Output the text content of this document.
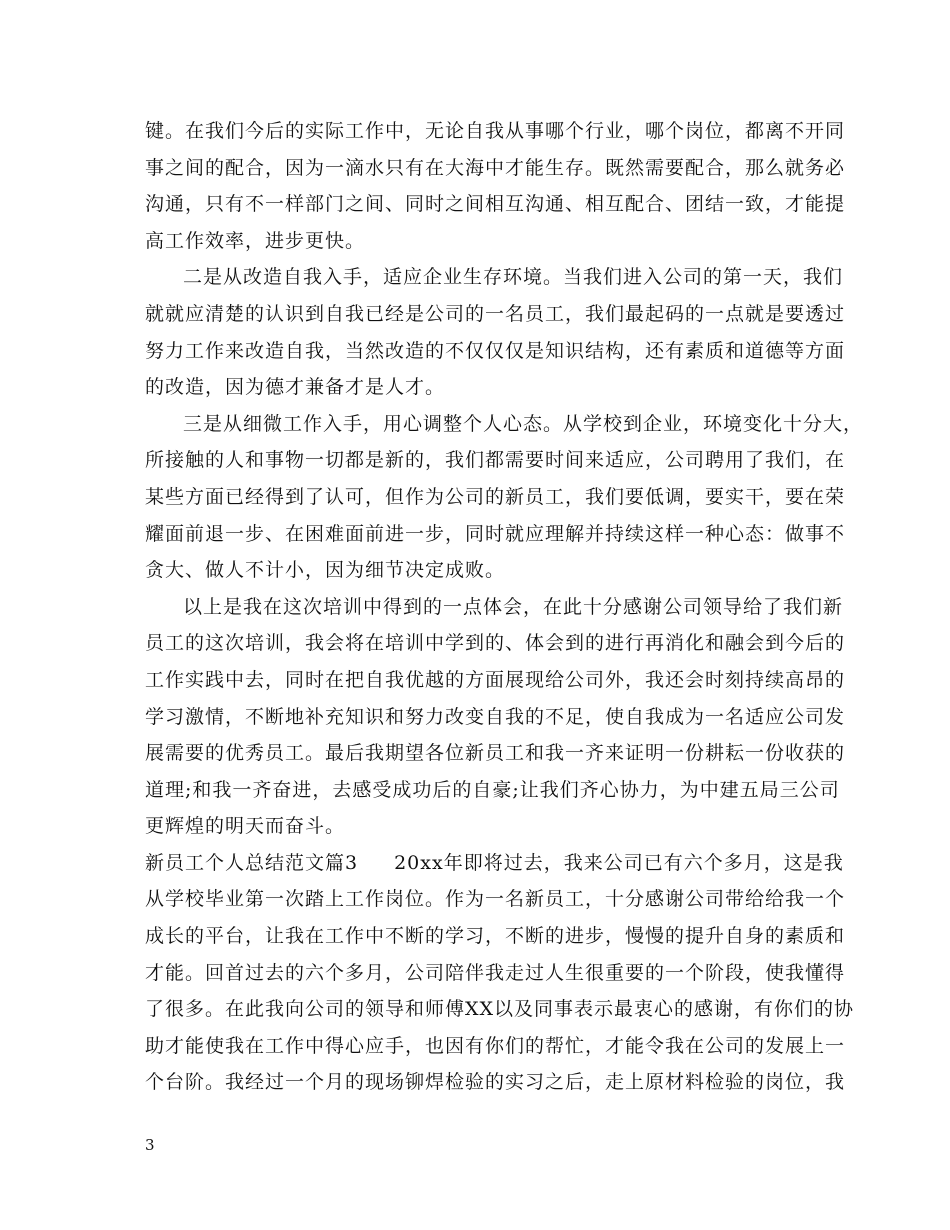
键。在我们今后的实际工作中，无论自我从事哪个行业，哪个岗位，都离不开同
事之间的配合，因为一滴水只有在大海中才能生存。既然需要配合，那么就务必
沟通，只有不一样部门之间、同时之间相互沟通、相互配合、团结一致，才能提
高工作效率，进步更快。
二是从改造自我入手，适应企业生存环境。当我们进入公司的第一天，我们
就就应清楚的认识到自我已经是公司的一名员工，我们最起码的一点就是要透过
努力工作来改造自我，当然改造的不仅仅仅是知识结构，还有素质和道德等方面
的改造，因为德才兼备才是人才。
三是从细微工作入手，用心调整个人心态。从学校到企业，环境变化十分大，
所接触的人和事物一切都是新的，我们都需要时间来适应，公司聘用了我们，在
某些方面已经得到了认可，但作为公司的新员工，我们要低调，要实干，要在荣
耀面前退一步、在困难面前进一步，同时就应理解并持续这样一种心态：做事不
贪大、做人不计小，因为细节决定成败。
以上是我在这次培训中得到的一点体会，在此十分感谢公司领导给了我们新
员工的这次培训，我会将在培训中学到的、体会到的进行再消化和融会到今后的
工作实践中去，同时在把自我优越的方面展现给公司外，我还会时刻持续高昂的
学习激情，不断地补充知识和努力改变自我的不足，使自我成为一名适应公司发
展需要的优秀员工。最后我期望各位新员工和我一齐来证明一份耕耘一份收获的
道理;和我一齐奋进，去感受成功后的自豪;让我们齐心协力，为中建五局三公司
更辉煌的明天而奋斗。
新员工个人总结范文篇3 20xx年即将过去，我来公司已有六个多月，这是我
从学校毕业第一次踏上工作岗位。作为一名新员工，十分感谢公司带给给我一个
成长的平台，让我在工作中不断的学习，不断的进步，慢慢的提升自身的素质和
才能。回首过去的六个多月，公司陪伴我走过人生很重要的一个阶段，使我懂得
了很多。在此我向公司的领导和师傅XX以及同事表示最衷心的感谢，有你们的协
助才能使我在工作中得心应手，也因有你们的帮忙，才能令我在公司的发展上一
个台阶。我经过一个月的现场铆焊检验的实习之后，走上原材料检验的岗位，我
3
